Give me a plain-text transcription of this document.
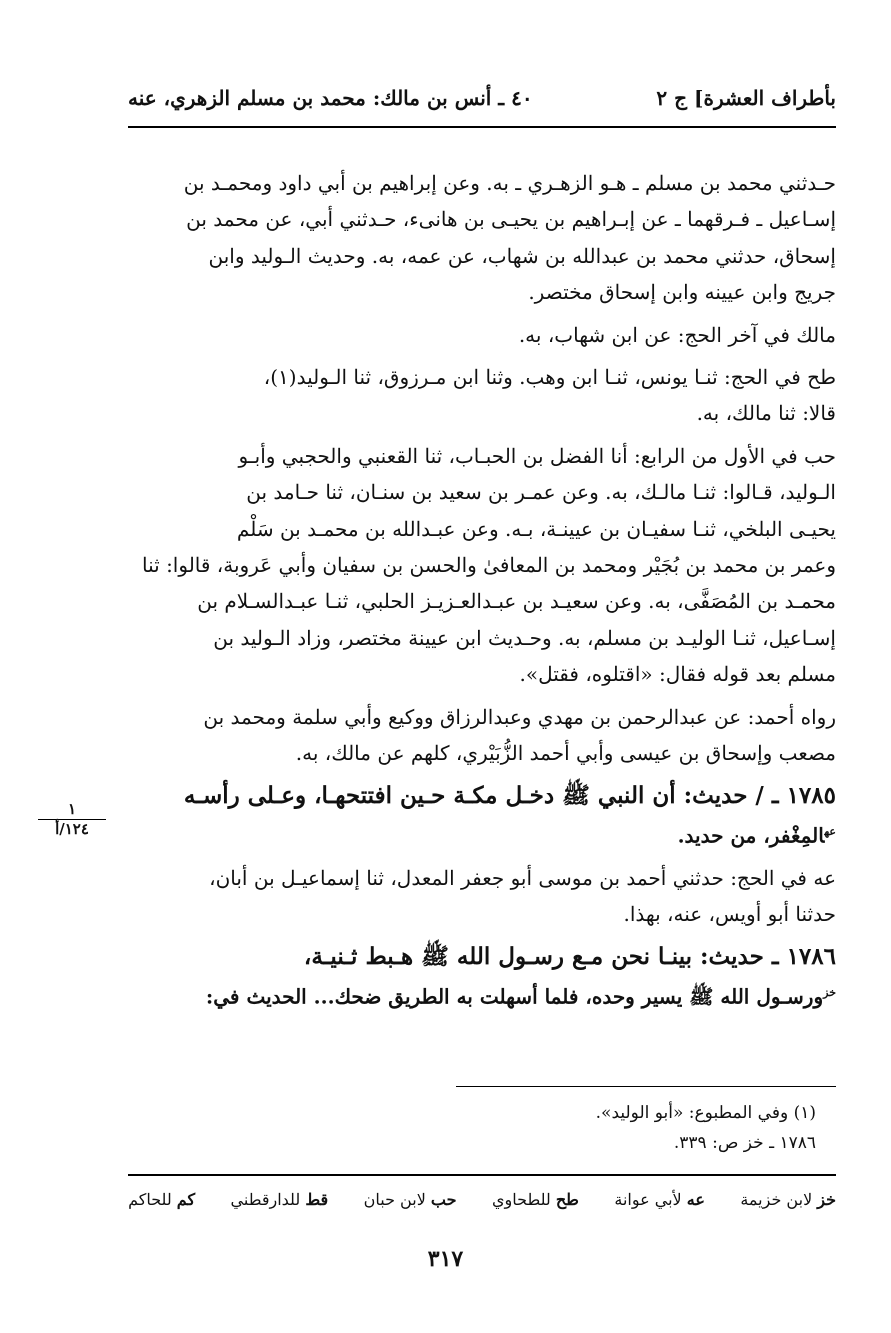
بأطراف العشرة] ج ٢
٤٠ ـ أنس بن مالك: محمد بن مسلم الزهري، عنه

حـدثني محمد بن مسلم ـ هـو الزهـري ـ به. وعن إبراهيم بن أبي داود ومحمـد بن

إسـاعيل ـ فـرقهما ـ عن إبـراهيم بن يحيـى بن هانىء، حـدثني أبي، عن محمد بن

إسحاق، حدثني محمد بن عبدالله بن شهاب، عن عمه، به. وحديث الـوليد وابن

جريج وابن عيينه وابن إسحاق مختصر.

مالك في آخر الحج: عن ابن شهاب، به.

طح في الحج: ثنـا يونس، ثنـا ابن وهب. وثنا ابن مـرزوق، ثنا الـوليد(١)،

قالا: ثنا مالك، به.

حب في الأول من الرابع: أنا الفضل بن الحبـاب، ثنا القعنبي والحجبي وأبـو

الـوليد، قـالوا: ثنـا مالـك، به. وعن عمـر بن سعيد بن سنـان، ثنا حـامد بن

يحيـى البلخي، ثنـا سفيـان بن عيينـة، بـه. وعن عبـدالله بن محمـد بن سَلْم

وعمر بن محمد بن بُجَيْر ومحمد بن المعافىٰ والحسن بن سفيان وأبي عَروبة، قالوا: ثنا

محمـد بن المُصَفَّى، به. وعن سعيـد بن عبـدالعـزيـز الحلبي، ثنـا عبـدالسـلام بن

إسـاعيل، ثنـا الوليـد بن مسلم، به. وحـديث ابن عيينة مختصر، وزاد الـوليد بن

مسلم بعد قوله فقال: «اقتلوه، فقتل».

رواه أحمد: عن عبدالرحمن بن مهدي وعبدالرزاق ووكيع وأبي سلمة ومحمد بن

مصعب وإسحاق بن عيسى وأبي أحمد الزُّبَيْري، كلهم عن مالك، به.

١٧٨٥ ـ / حديث: أن النبي ﷺ دخـل مكـة حـين افتتحهـا، وعـلى رأسـه

$^{عه}$المِغْفر، من حديد.

عه في الحج: حدثني أحمد بن موسى أبو جعفر المعدل، ثنا إسماعيـل بن أبان،

حدثنا أبو أويس، عنه، بهذا.

١٧٨٦ ـ حديث: بينـا نحن مـع رسـول الله ﷺ هـبط ثـنيـة،

$^{خز}$ورسـول الله ﷺ يسير وحده، فلما أسهلت به الطريق ضحك... الحديث في:

١
١٢٤/أ

(١) وفي المطبوع: «أبو الوليد».

١٧٨٦ ـ خز ص: ٣٣٩.

خز لابن خزيمة
عه لأبي عوانة
طح للطحاوي
حب لابن حبان
قط للدارقطني
كم للحاكم
٣١٧
